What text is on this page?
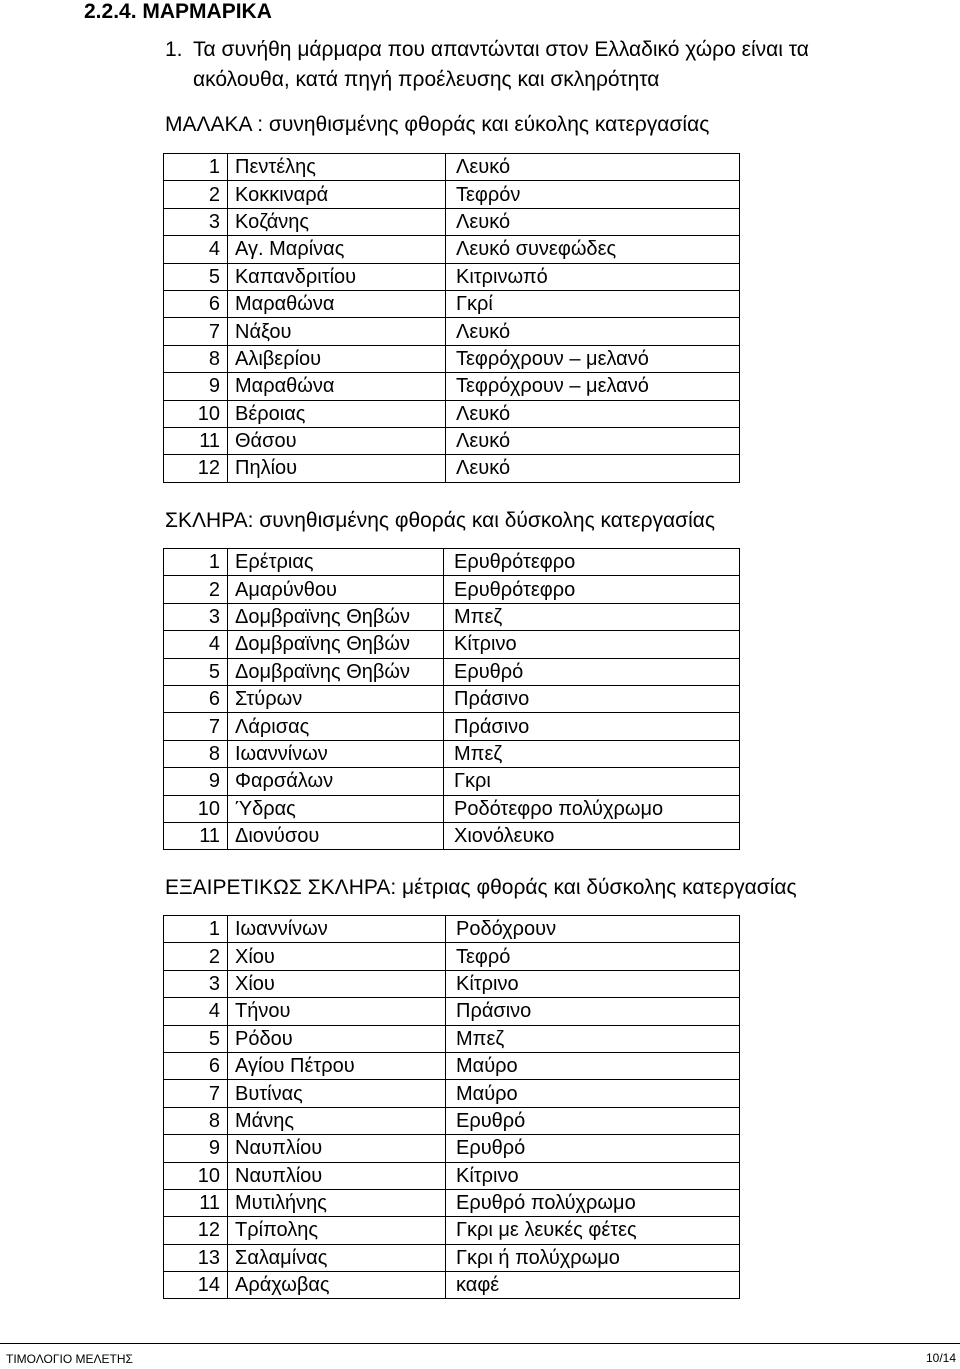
2.2.4. ΜΑΡΜΑΡΙΚΑ
1. Τα συνήθη μάρμαρα που απαντώνται στον Ελλαδικό χώρο είναι τα ακόλουθα, κατά πηγή προέλευσης και σκληρότητα

ΜΑΛΑΚΑ : συνηθισμένης φθοράς και εύκολης κατεργασίας
1	Πεντέλης	Λευκό
2	Κοκκιναρά	Τεφρόν
3	Κοζάνης	Λευκό
4	Αγ. Μαρίνας	Λευκό συνεφώδες
5	Καπανδριτίου	Κιτρινωπό
6	Μαραθώνα	Γκρί
7	Νάξου	Λευκό
8	Αλιβερίου	Τεφρόχρουν – μελανό
9	Μαραθώνα	Τεφρόχρουν – μελανό
10	Βέροιας	Λευκό
11	Θάσου	Λευκό
12	Πηλίου	Λευκό
ΣΚΛΗΡΑ: συνηθισμένης φθοράς και δύσκολης κατεργασίας
1	Ερέτριας	Ερυθρότεφρο
2	Αμαρύνθου	Ερυθρότεφρο
3	Δομβραϊνης Θηβών	Μπεζ
4	Δομβραϊνης Θηβών	Κίτρινο
5	Δομβραϊνης Θηβών	Ερυθρό
6	Στύρων	Πράσινο
7	Λάρισας	Πράσινο
8	Ιωαννίνων	Μπεζ
9	Φαρσάλων	Γκρι
10	Ύδρας	Ροδότεφρο πολύχρωμο
11	Διονύσου	Χιονόλευκο
ΕΞΑΙΡΕΤΙΚΩΣ ΣΚΛΗΡΑ: μέτριας φθοράς και δύσκολης κατεργασίας
1	Ιωαννίνων	Ροδόχρουν
2	Χίου	Τεφρό
3	Χίου	Κίτρινο
4	Τήνου	Πράσινο
5	Ρόδου	Μπεζ
6	Αγίου Πέτρου	Μαύρο
7	Βυτίνας	Μαύρο
8	Μάνης	Ερυθρό
9	Ναυπλίου	Ερυθρό
10	Ναυπλίου	Κίτρινο
11	Μυτιλήνης	Ερυθρό πολύχρωμο
12	Τρίπολης	Γκρι με λευκές φέτες
13	Σαλαμίνας	Γκρι ή πολύχρωμο
14	Αράχωβας	καφέ
ΤΙΜΟΛΟΓΙΟ ΜΕΛΕΤΗΣ	10/14
